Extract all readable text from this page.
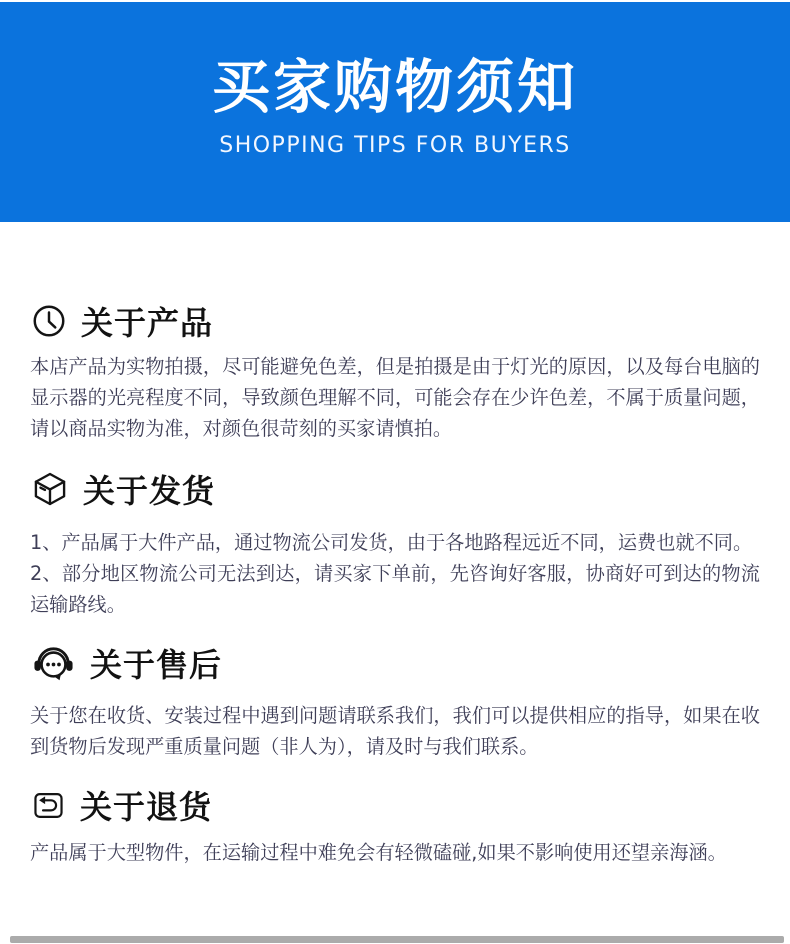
买家购物须知
SHOPPING TIPS FOR BUYERS
关于产品

本店产品为实物拍摄，尽可能避免色差，但是拍摄是由于灯光的原因，以及每台电脑的显示器的光亮程度不同，导致颜色理解不同，可能会存在少许色差，不属于质量问题，请以商品实物为准，对颜色很苛刻的买家请慎拍。

关于发货

1、产品属于大件产品，通过物流公司发货，由于各地路程远近不同，运费也就不同。

2、部分地区物流公司无法到达，请买家下单前，先咨询好客服，协商好可到达的物流运输路线。

关于售后

关于您在收货、安装过程中遇到问题请联系我们，我们可以提供相应的指导，如果在收到货物后发现严重质量问题（非人为），请及时与我们联系。

关于退货

产品属于大型物件，在运输过程中难免会有轻微磕碰,如果不影响使用还望亲海涵。
